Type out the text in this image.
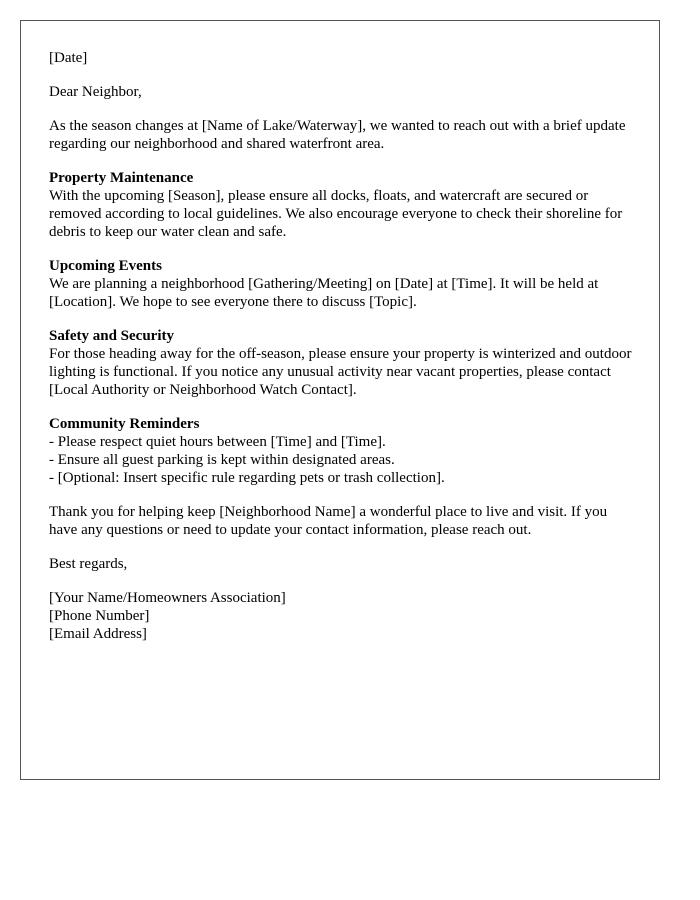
[Date]

Dear Neighbor,

As the season changes at [Name of Lake/Waterway], we wanted to reach out with a brief update regarding our neighborhood and shared waterfront area.

Property Maintenance
With the upcoming [Season], please ensure all docks, floats, and watercraft are secured or removed according to local guidelines. We also encourage everyone to check their shoreline for debris to keep our water clean and safe.
Upcoming Events
We are planning a neighborhood [Gathering/Meeting] on [Date] at [Time]. It will be held at [Location]. We hope to see everyone there to discuss [Topic].
Safety and Security
For those heading away for the off-season, please ensure your property is winterized and outdoor lighting is functional. If you notice any unusual activity near vacant properties, please contact [Local Authority or Neighborhood Watch Contact].
Community Reminders
- Please respect quiet hours between [Time] and [Time].
- Ensure all guest parking is kept within designated areas.
- [Optional: Insert specific rule regarding pets or trash collection].

Thank you for helping keep [Neighborhood Name] a wonderful place to live and visit. If you have any questions or need to update your contact information, please reach out.

Best regards,

[Your Name/Homeowners Association]
[Phone Number]
[Email Address]
